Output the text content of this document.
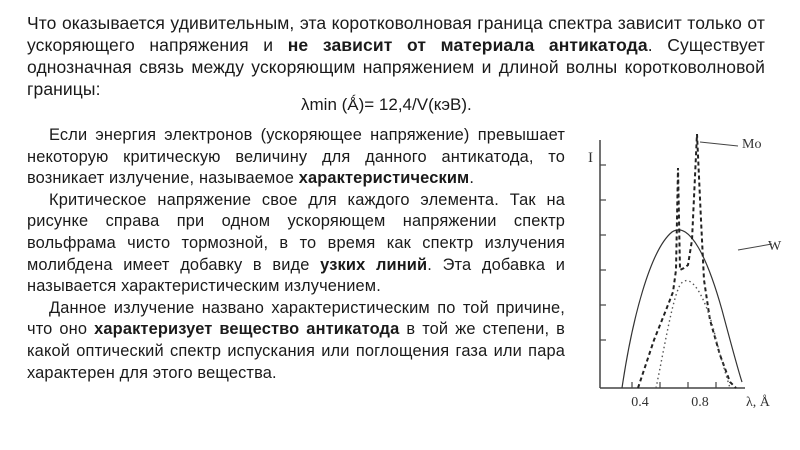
Что оказывается удивительным, эта коротковолновая граница спектра зависит только от ускоряющего напряжения и не зависит от материала антикатода. Существует однозначная связь между ускоряющим напряжением и длиной волны коротковолновой границы:
λmin (Ǻ)= 12,4/V(кэВ).

Если энергия электронов (ускоряющее напряжение) превышает некоторую критическую величину для данного антикатода, то возникает излучение, называемое характеристическим.

Критическое напряжение свое для каждого элемента. Так на рисунке справа при одном ускоряющем напряжении спектр вольфрама чисто тормозной, в то время как спектр излучения молибдена имеет добавку в виде узких линий. Эта добавка и называется характеристическим излучением.

Данное излучение названо характеристическим по той причине, что оно характеризует вещество антикатода в той же степени, в какой оптический спектр испускания или поглощения газа или пара характерен для этого вещества.

I
0.4	0.8	λ, Å
Mo
W
